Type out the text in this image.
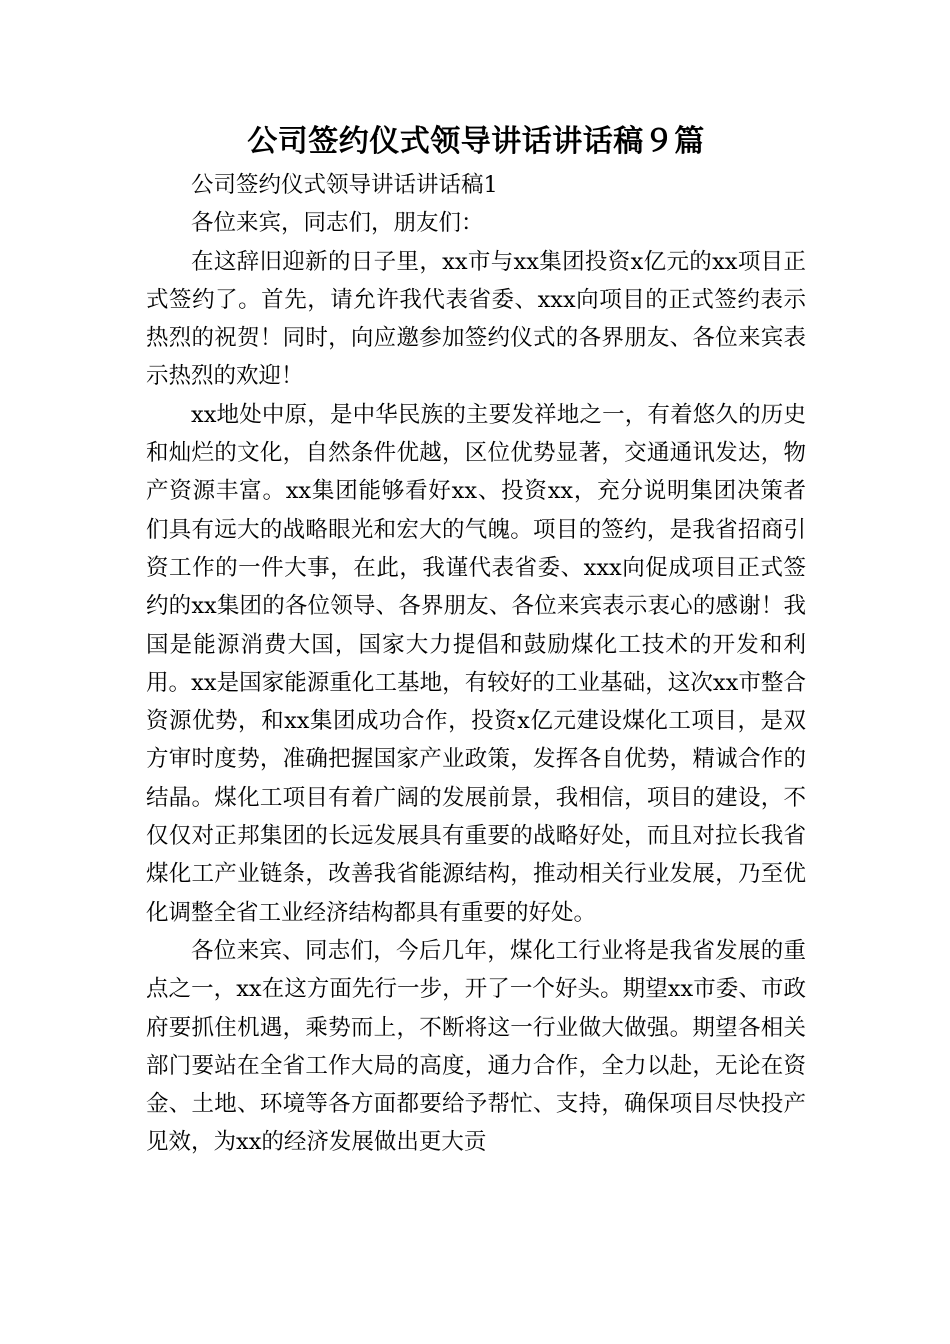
公司签约仪式领导讲话讲话稿９篇

公司签约仪式领导讲话讲话稿1

各位来宾，同志们，朋友们：

在这辞旧迎新的日子里，xx市与xx集团投资x亿元的xx项目正式签约了。首先，请允许我代表省委、xxx向项目的正式签约表示热烈的祝贺！同时，向应邀参加签约仪式的各界朋友、各位来宾表示热烈的欢迎！

xx地处中原，是中华民族的主要发祥地之一，有着悠久的历史和灿烂的文化，自然条件优越，区位优势显著，交通通讯发达，物产资源丰富。xx集团能够看好xx、投资xx，充分说明集团决策者们具有远大的战略眼光和宏大的气魄。项目的签约，是我省招商引资工作的一件大事，在此，我谨代表省委、xxx向促成项目正式签约的xx集团的各位领导、各界朋友、各位来宾表示衷心的感谢！我国是能源消费大国，国家大力提倡和鼓励煤化工技术的开发和利用。xx是国家能源重化工基地，有较好的工业基础，这次xx市整合资源优势，和xx集团成功合作，投资x亿元建设煤化工项目，是双方审时度势，准确把握国家产业政策，发挥各自优势，精诚合作的结晶。煤化工项目有着广阔的发展前景，我相信，项目的建设，不仅仅对正邦集团的长远发展具有重要的战略好处，而且对拉长我省煤化工产业链条，改善我省能源结构，推动相关行业发展，乃至优化调整全省工业经济结构都具有重要的好处。

各位来宾、同志们，今后几年，煤化工行业将是我省发展的重点之一，xx在这方面先行一步，开了一个好头。期望xx市委、市政府要抓住机遇，乘势而上，不断将这一行业做大做强。期望各相关部门要站在全省工作大局的高度，通力合作，全力以赴，无论在资金、土地、环境等各方面都要给予帮忙、支持，确保项目尽快投产见效，为xx的经济发展做出更大贡
